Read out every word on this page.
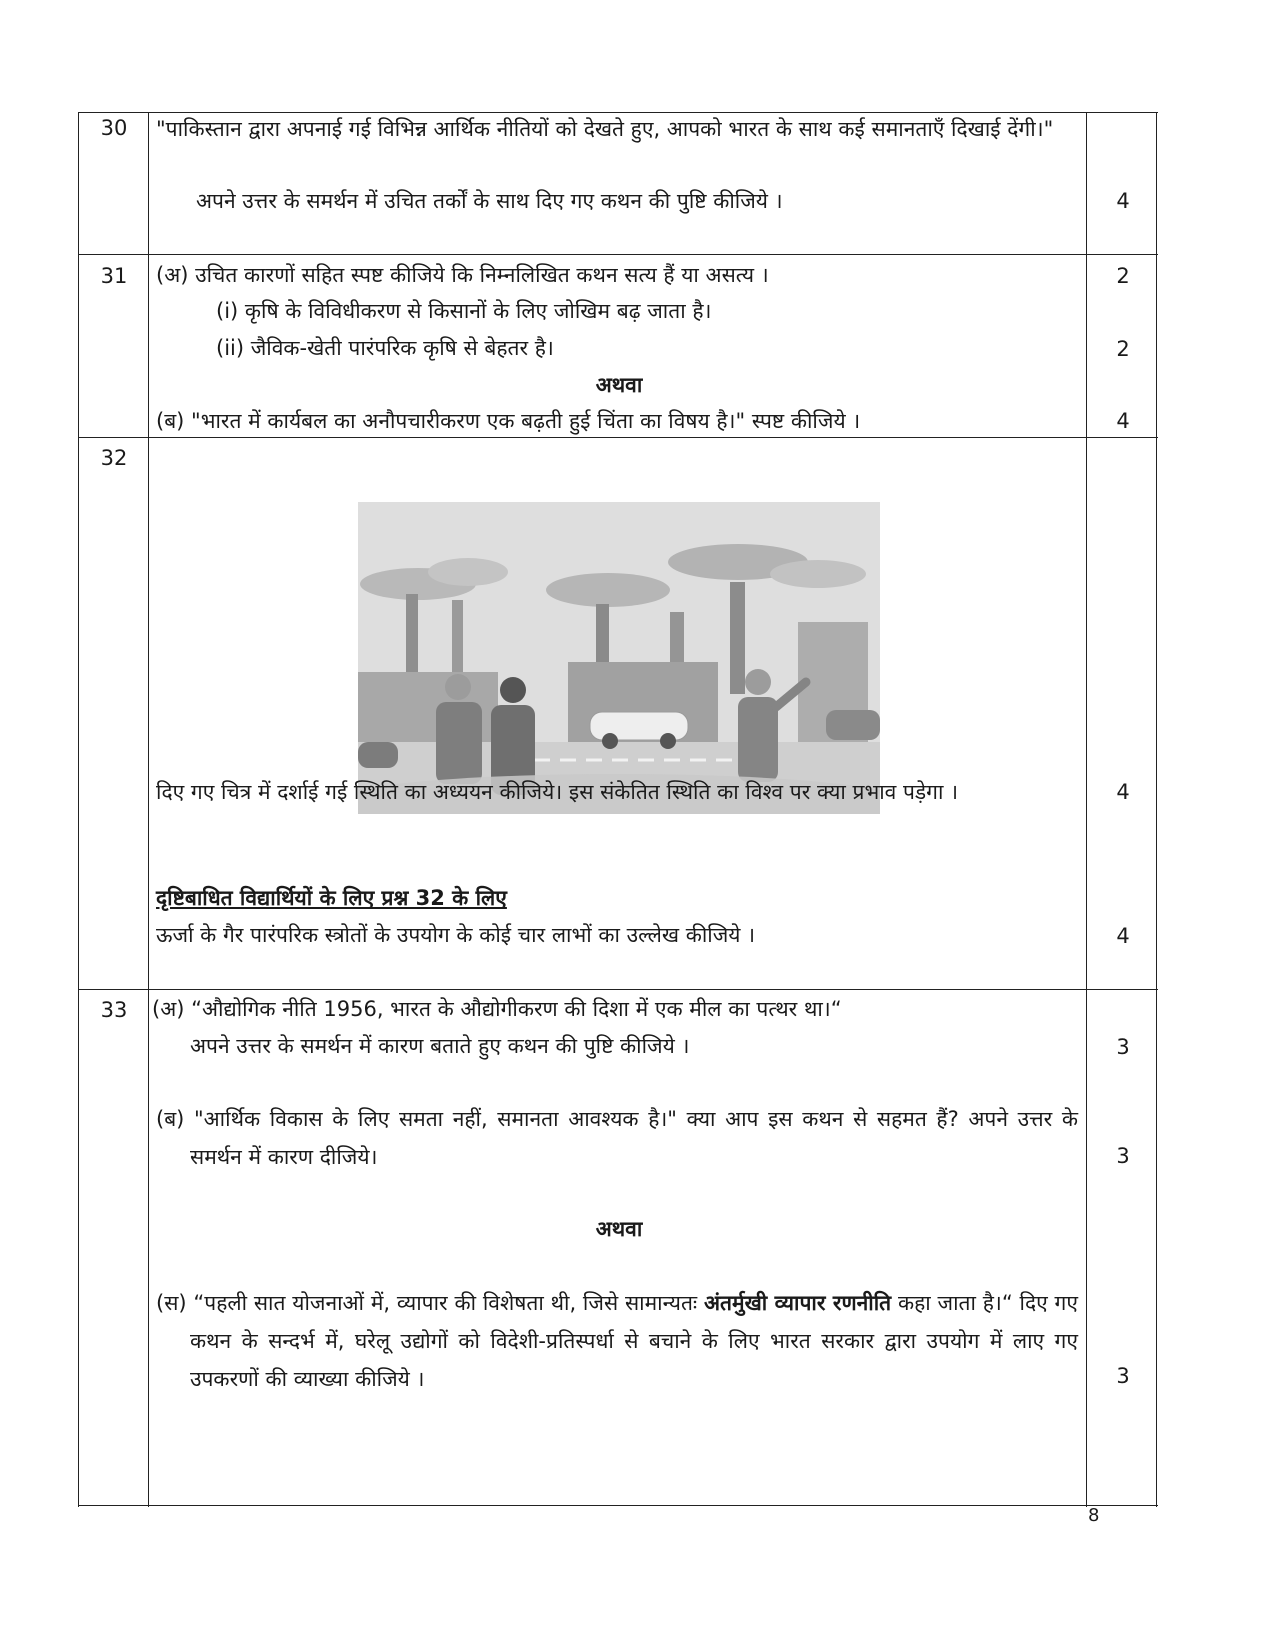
30	"पाकिस्तान द्वारा अपनाई गई विभिन्न आर्थिक नीतियों को देखते हुए, आपको भारत के साथ कई समानताएँ दिखाई देंगी।"
अपने उत्तर के समर्थन में उचित तर्कों के साथ दिए गए कथन की पुष्टि कीजिये ।	4
31	(अ) उचित कारणों सहित स्पष्ट कीजिये कि निम्नलिखित कथन सत्य हैं या असत्य ।	2
(i) कृषि के विविधीकरण से किसानों के लिए जोखिम बढ़ जाता है।
(ii) जैविक-खेती पारंपरिक कृषि से बेहतर है।	2
अथवा
(ब) "भारत में कार्यबल का अनौपचारीकरण एक बढ़ती हुई चिंता का विषय है।" स्पष्ट कीजिये ।	4
32
दिए गए चित्र में दर्शाई गई स्थिति का अध्ययन कीजिये। इस संकेतित स्थिति का विश्व पर क्या प्रभाव पड़ेगा ।	4
दृष्टिबाधित विद्यार्थियों के लिए प्रश्न 32 के लिए
ऊर्जा के गैर पारंपरिक स्त्रोतों के उपयोग के कोई चार लाभों का उल्लेख कीजिये ।	4
33	(अ) “औद्योगिक नीति 1956, भारत के औद्योगीकरण की दिशा में एक मील का पत्थर था।“
अपने उत्तर के समर्थन में कारण बताते हुए कथन की पुष्टि कीजिये ।	3
(ब) "आर्थिक विकास के लिए समता नहीं, समानता आवश्यक है।" क्या आप इस कथन से सहमत हैं? अपने उत्तर के समर्थन में कारण दीजिये।	3
अथवा
(स) “पहली सात योजनाओं में, व्यापार की विशेषता थी, जिसे सामान्यतः अंतर्मुखी व्यापार रणनीति कहा जाता है।“ दिए गए कथन के सन्दर्भ में, घरेलू उद्योगों को विदेशी-प्रतिस्पर्धा से बचाने के लिए भारत सरकार द्वारा उपयोग में लाए गए उपकरणों की व्याख्या कीजिये ।	3
8
